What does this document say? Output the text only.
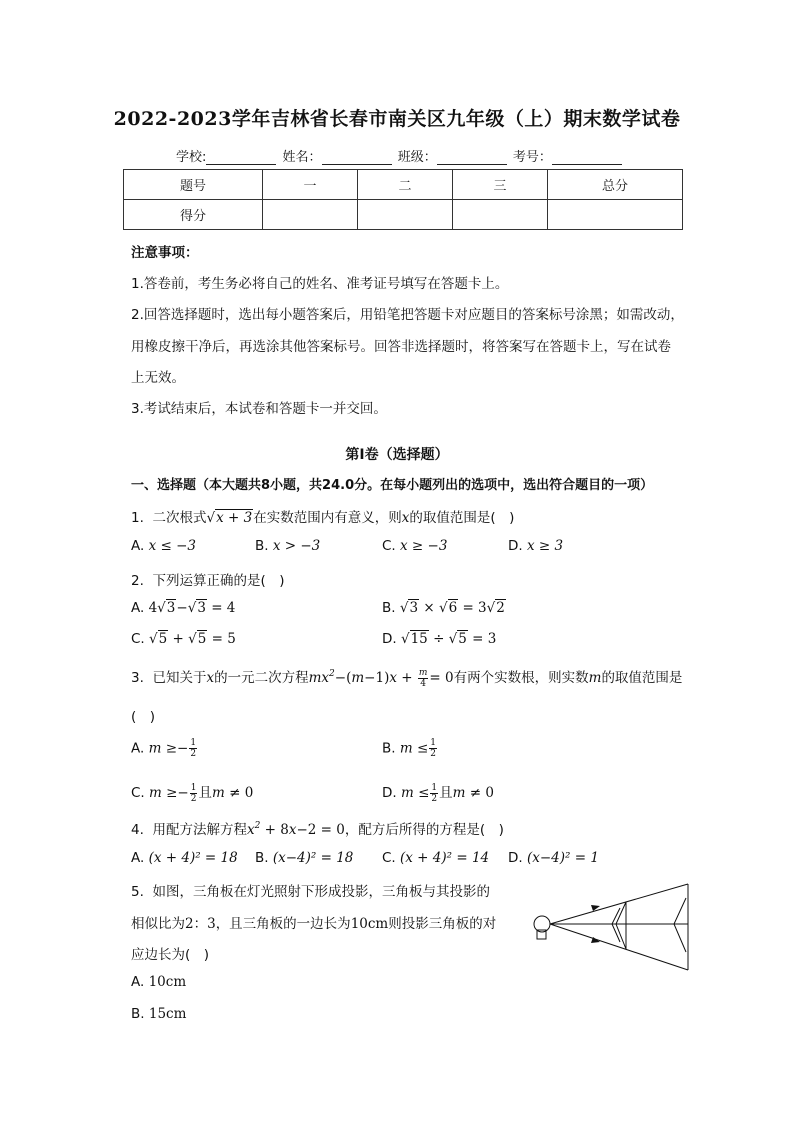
2022-2023学年吉林省长春市南关区九年级（上）期末数学试卷
学校:	姓名：	班级：	考号：
题号	一	二	三	总分
得分				
注意事项：
1.答卷前，考生务必将自己的姓名、准考证号填写在答题卡上。
2.回答选择题时，选出每小题答案后，用铅笔把答题卡对应题目的答案标号涂黑；如需改动，
用橡皮擦干净后，再选涂其他答案标号。回答非选择题时，将答案写在答题卡上，写在试卷
上无效。
3.考试结束后，本试卷和答题卡一并交回。
第Ⅰ卷（选择题）
一、选择题（本大题共8小题，共24.0分。在每小题列出的选项中，选出符合题目的一项）
1. 二次根式√x + 3在实数范围内有意义，则x的取值范围是(　)
A. x ≤ −3	B. x > −3	C. x ≥ −3	D. x ≥ 3
2. 下列运算正确的是(　)
A. 4√3−√3 = 4	B. √3 × √6 = 3√2
C. √5 + √5 = 5	D. √15 ÷ √5 = 3
3. 已知关于x的一元二次方程$mx^2-(m-1)x + \frac{m}{4} = 0$有两个实数根，则实数m的取值范围是
(　)
A. $m \ge- \frac{1}{2}$	B. $m \le \frac{1}{2}$
C. $m \ge- \frac{1}{2}$ 且m ≠ 0	D. $m \le \frac{1}{2}$ 且m ≠ 0
4. 用配方法解方程$x^2 + 8x-2 = 0$，配方后所得的方程是(　)
A. (x + 4)² = 18 B. (x−4)² = 18 C. (x + 4)² = 14 D. (x−4)² = 1
5. 如图，三角板在灯光照射下形成投影，三角板与其投影的
相似比为2：3，且三角板的一边长为10cm则投影三角板的对
应边长为(　)
A. 10cm
B. 15cm
